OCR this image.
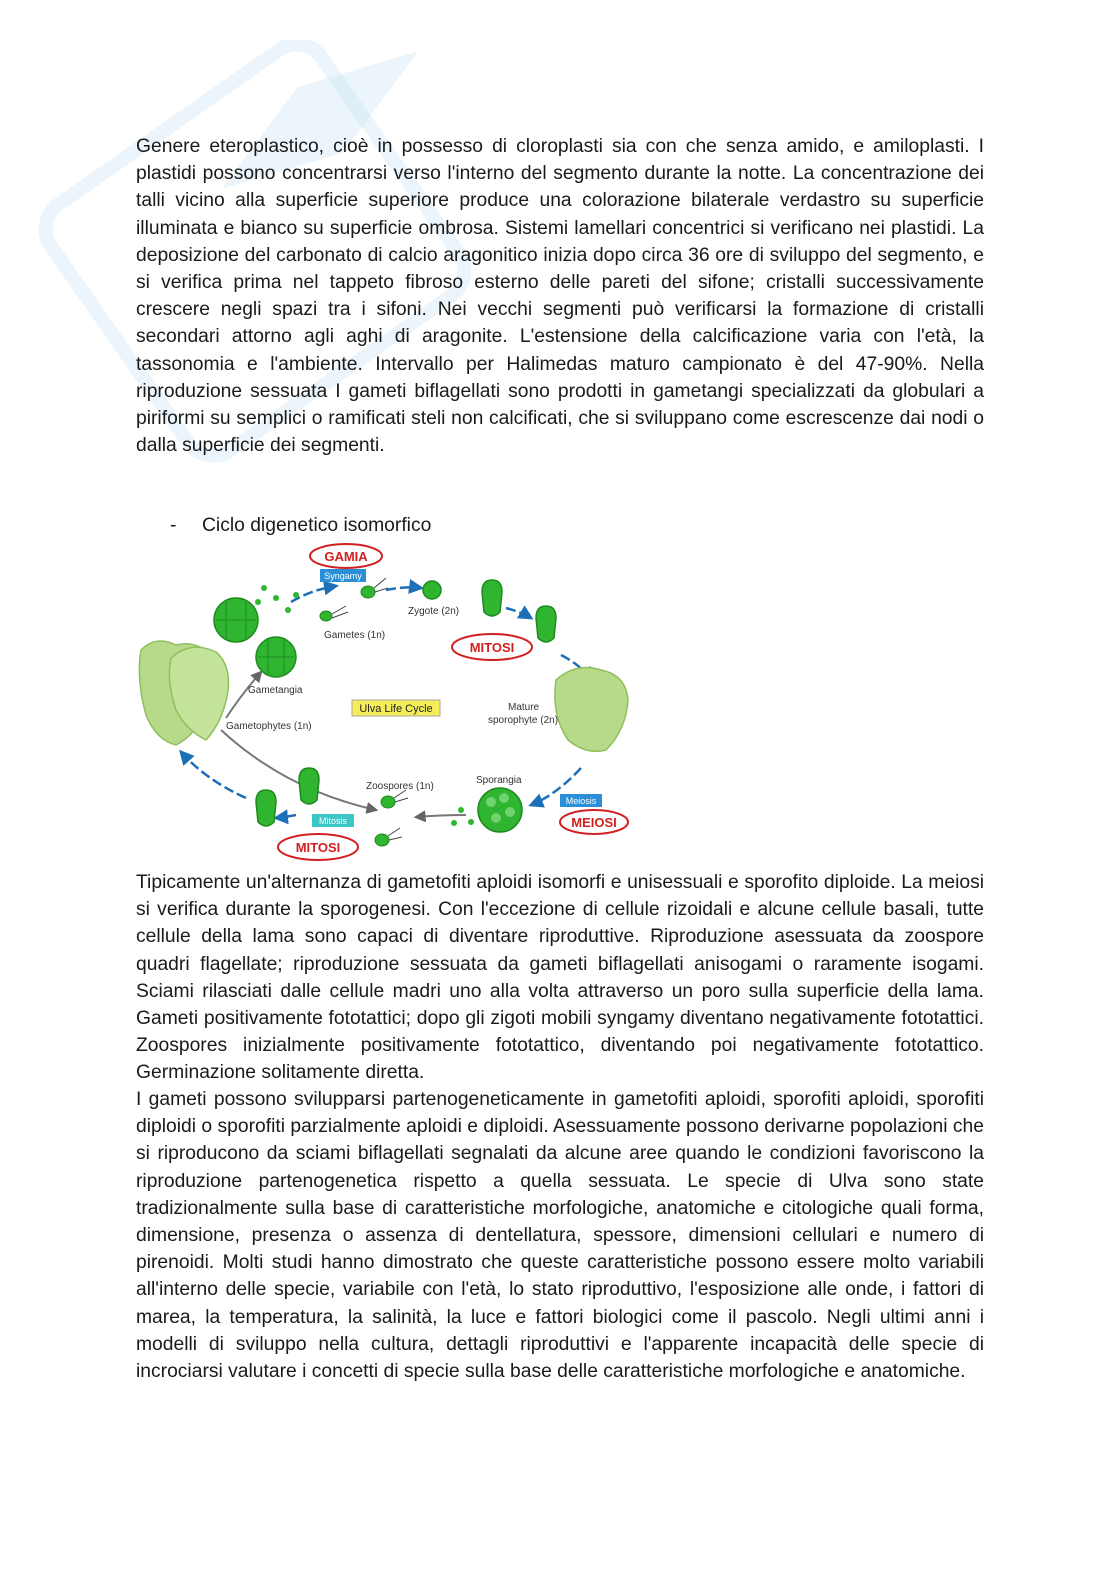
Genere eteroplastico, cioè in possesso di cloroplasti sia con che senza amido, e amiloplasti. I plastidi possono concentrarsi verso l'interno del segmento durante la notte. La concentrazione dei talli vicino alla superficie superiore produce una colorazione bilaterale verdastro su superficie illuminata e bianco su superficie ombrosa. Sistemi lamellari concentrici si verificano nei plastidi. La deposizione del carbonato di calcio aragonitico inizia dopo circa 36 ore di sviluppo del segmento, e si verifica prima nel tappeto fibroso esterno delle pareti del sifone; cristalli successivamente crescere negli spazi tra i sifoni. Nei vecchi segmenti può verificarsi la formazione di cristalli secondari attorno agli aghi di aragonite. L'estensione della calcificazione varia con l'età, la tassonomia e l'ambiente. Intervallo per Halimedas maturo campionato è del 47-90%. Nella riproduzione sessuata I gameti biflagellati sono prodotti in gametangi specializzati da globulari a piriformi su semplici o ramificati steli non calcificati, che si sviluppano come escrescenze dai nodi o dalla superficie dei segmenti.

- Ciclo digenetico isomorfico
GAMIA
MITOSI
MEIOSI
MITOSI
Syngamy
Meiosis
Mitosis
Ulva Life Cycle
Zygote (2n)
Gametes (1n)
Gametangia
Gametophytes (1n)
Mature
sporophyte (2n)
Zoospores (1n)
Sporangia

Tipicamente un'alternanza di gametofiti aploidi isomorfi e unisessuali e sporofito diploide. La meiosi si verifica durante la sporogenesi. Con l'eccezione di cellule rizoidali e alcune cellule basali, tutte cellule della lama sono capaci di diventare riproduttive. Riproduzione asessuata da zoospore quadri flagellate; riproduzione sessuata da gameti biflagellati anisogami o raramente isogami. Sciami rilasciati dalle cellule madri uno alla volta attraverso un poro sulla superficie della lama. Gameti positivamente fototattici; dopo gli zigoti mobili syngamy diventano negativamente fototattici. Zoospores inizialmente positivamente fototattico, diventando poi negativamente fototattico. Germinazione solitamente diretta.

I gameti possono svilupparsi partenogeneticamente in gametofiti aploidi, sporofiti aploidi, sporofiti diploidi o sporofiti parzialmente aploidi e diploidi. Asessuamente possono derivarne popolazioni che si riproducono da sciami biflagellati segnalati da alcune aree quando le condizioni favoriscono la riproduzione partenogenetica rispetto a quella sessuata. Le specie di Ulva sono state tradizionalmente sulla base di caratteristiche morfologiche, anatomiche e citologiche quali forma, dimensione, presenza o assenza di dentellatura, spessore, dimensioni cellulari e numero di pirenoidi. Molti studi hanno dimostrato che queste caratteristiche possono essere molto variabili all'interno delle specie, variabile con l'età, lo stato riproduttivo, l'esposizione alle onde, i fattori di marea, la temperatura, la salinità, la luce e fattori biologici come il pascolo. Negli ultimi anni i modelli di sviluppo nella cultura, dettagli riproduttivi e l'apparente incapacità delle specie di incrociarsi valutare i concetti di specie sulla base delle caratteristiche morfologiche e anatomiche.
